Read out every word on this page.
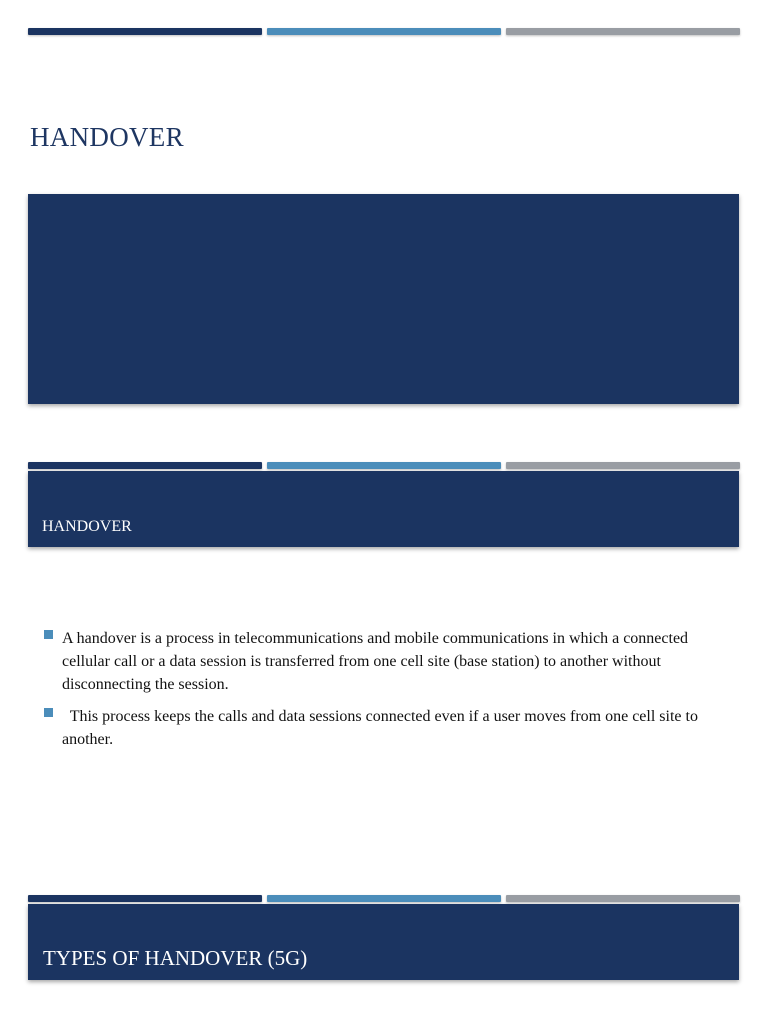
HANDOVER
HANDOVER
A handover is a process in telecommunications and mobile communications in which a connected cellular call or a data session is transferred from one cell site (base station) to another without disconnecting the session.
This process keeps the calls and data sessions connected even if a user moves from one cell site to another.
TYPES OF HANDOVER (5G)
